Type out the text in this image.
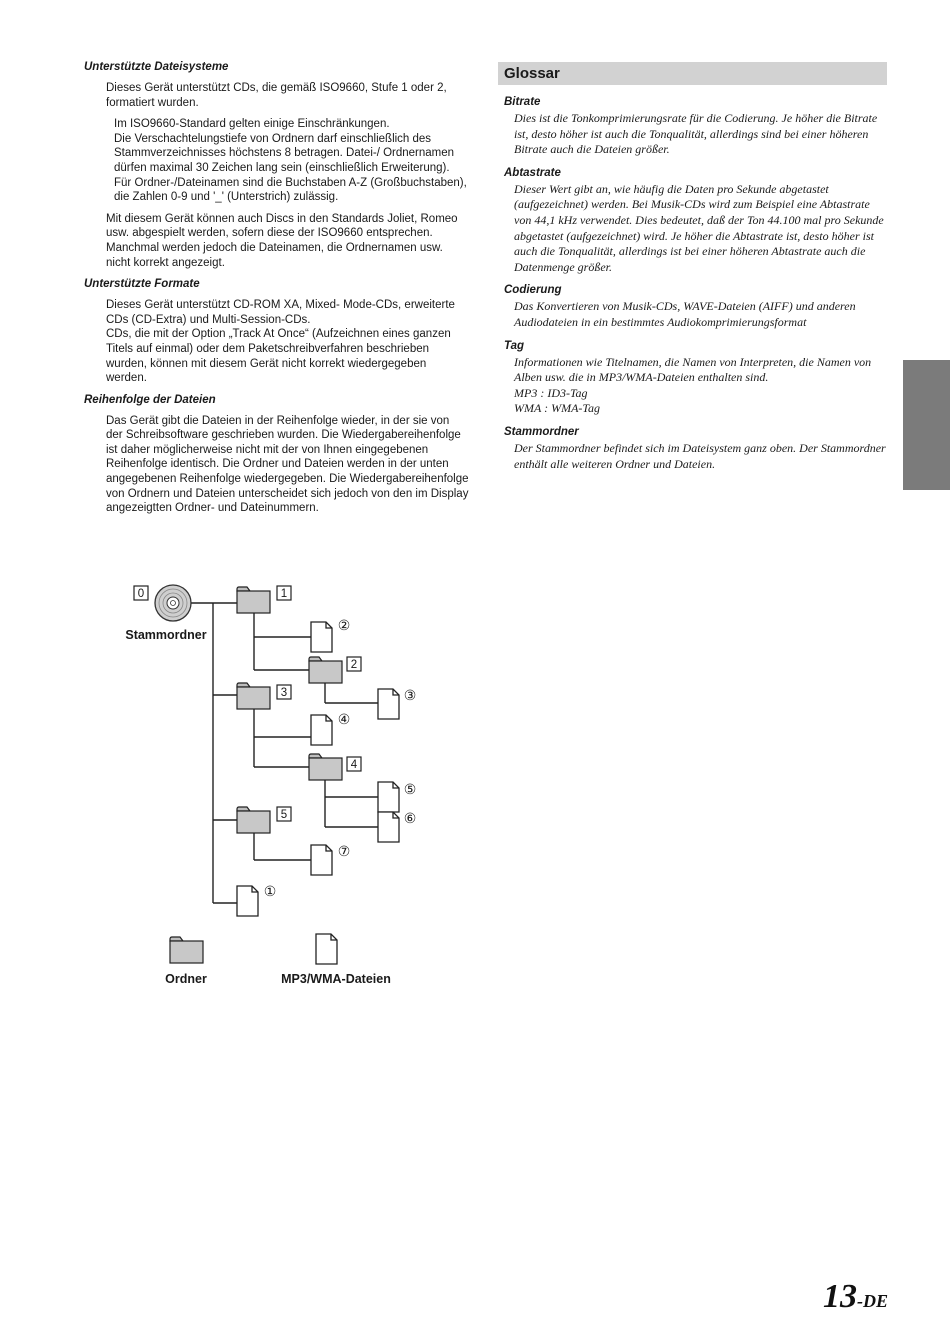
Unterstützte Dateisysteme

Dieses Gerät unterstützt CDs, die gemäß ISO9660, Stufe 1 oder 2, formatiert wurden.

Im ISO9660-Standard gelten einige Einschränkungen.
Die Verschachtelungstiefe von Ordnern darf einschließlich des Stammverzeichnisses höchstens 8 betragen. Datei-/ Ordnernamen dürfen maximal 30 Zeichen lang sein (einschließlich Erweiterung).
Für Ordner-/Dateinamen sind die Buchstaben A-Z (Großbuchstaben), die Zahlen 0-9 und '_' (Unterstrich) zulässig.

Mit diesem Gerät können auch Discs in den Standards Joliet, Romeo usw. abgespielt werden, sofern diese der ISO9660 entsprechen. Manchmal werden jedoch die Dateinamen, die Ordnernamen usw. nicht korrekt angezeigt.

Unterstützte Formate

Dieses Gerät unterstützt CD-ROM XA, Mixed- Mode-CDs, erweiterte CDs (CD-Extra) und Multi-Session-CDs.
CDs, die mit der Option „Track At Once“ (Aufzeichnen eines ganzen Titels auf einmal) oder dem Paketschreibverfahren beschrieben wurden, können mit diesem Gerät nicht korrekt wiedergegeben werden.

Reihenfolge der Dateien

Das Gerät gibt die Dateien in der Reihenfolge wieder, in der sie von der Schreibsoftware geschrieben wurden. Die Wiedergabereihenfolge ist daher möglicherweise nicht mit der von Ihnen eingegebenen Reihenfolge identisch. Die Ordner und Dateien werden in der unten angegebenen Reihenfolge wiedergegeben. Die Wiedergabereihenfolge von Ordnern und Dateien unterscheidet sich jedoch von den im Display angezeigtten Ordner- und Dateinummern.

0
Stammordner
1
2
3
4
5
②
③
④
⑤
⑥
⑦
①
Ordner	MP3/WMA-Dateien
Glossar
Bitrate
Dies ist die Tonkomprimierungsrate für die Codierung. Je höher die Bitrate ist, desto höher ist auch die Tonqualität, allerdings sind bei einer höheren Bitrate auch die Dateien größer.
Abtastrate
Dieser Wert gibt an, wie häufig die Daten pro Sekunde abgetastet (aufgezeichnet) werden. Bei Musik-CDs wird zum Beispiel eine Abtastrate von 44,1 kHz verwendet. Dies bedeutet, daß der Ton 44.100 mal pro Sekunde abgetastet (aufgezeichnet) wird. Je höher die Abtastrate ist, desto höher ist auch die Tonqualität, allerdings ist bei einer höheren Abtastrate auch die Datenmenge größer.
Codierung
Das Konvertieren von Musik-CDs, WAVE-Dateien (AIFF) und anderen Audiodateien in ein bestimmtes Audiokomprimierungsformat
Tag
Informationen wie Titelnamen, die Namen von Interpreten, die Namen von Alben usw. die in MP3/WMA-Dateien enthalten sind.
MP3 : ID3-Tag
WMA : WMA-Tag
Stammordner
Der Stammordner befindet sich im Dateisystem ganz oben. Der Stammordner enthält alle weiteren Ordner und Dateien.
13-DE
